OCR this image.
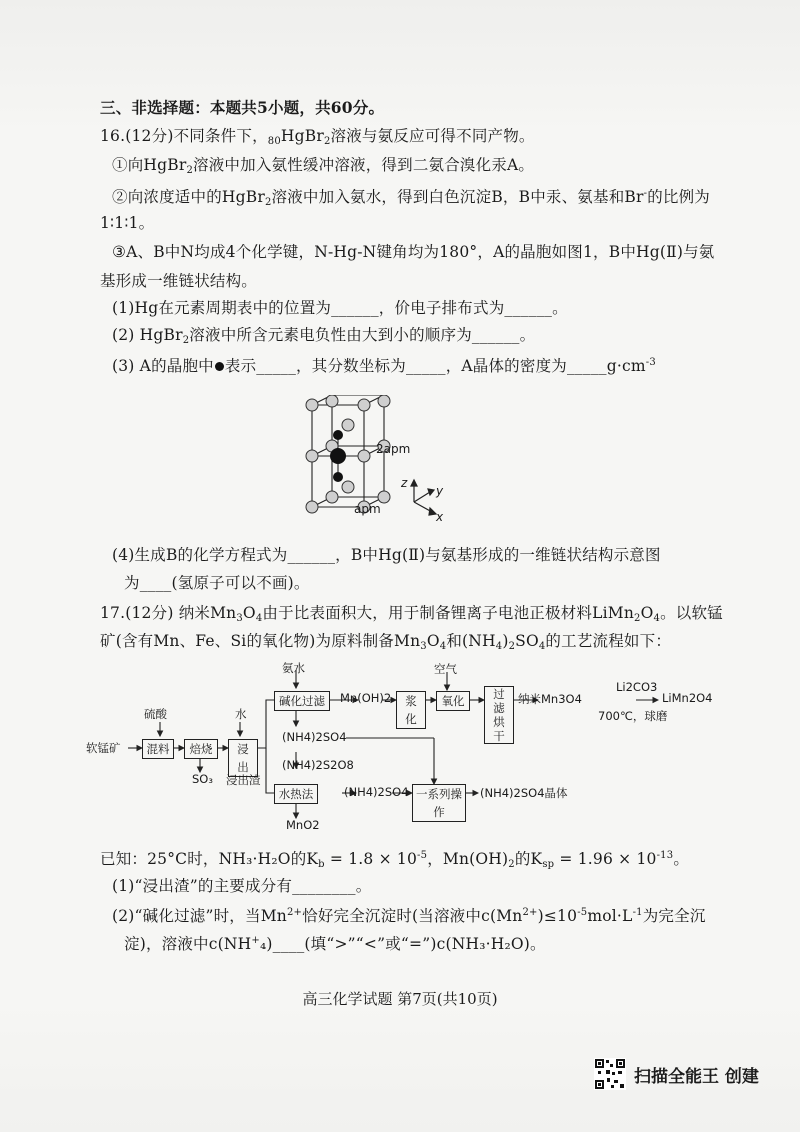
三、非选择题：本题共5小题，共60分。
16.(12分)不同条件下，$_{80}$HgBr$_2$溶液与氨反应可得不同产物。
①向HgBr$_2$溶液中加入氨性缓冲溶液，得到二氨合溴化汞A。
②向浓度适中的HgBr$_2$溶液中加入氨水，得到白色沉淀B，B中汞、氨基和Br-的比例为
1∶1∶1。
③A、B中N均成4个化学键，N-Hg-N键角均为180°，A的晶胞如图1，B中Hg(Ⅱ)与氨
基形成一维链状结构。
(1)Hg在元素周期表中的位置为______，价电子排布式为______。
(2) HgBr$_2$溶液中所含元素电负性由大到小的顺序为______。
(3) A的晶胞中 表示_____，其分数坐标为_____，A晶体的密度为$\_\_\_\_\_g\cdot cm^{-3}$
2apm
apm
z
y
x
(4)生成B的化学方程式为______，B中Hg(Ⅱ)与氨基形成的一维链状结构示意图
为____(氢原子可以不画)。
17.(12分) 纳米$Mn_3O_4$由于比表面积大，用于制备锂离子电池正极材料$LiMn_2O_4$。以软锰
矿(含有Mn、Fe、Si的氧化物)为原料制备$Mn_3O_4$和$(NH_4)_2SO_4$的工艺流程如下：
软锰矿	混料
硫酸
焙烧
SO₃
浸出
水
浸出渣
氨水
碱化过滤	Mn(OH)2	浆化
空气
氧化	过滤
烘干
纳米Mn3O4
Li2CO3
700℃，球磨
LiMn2O4
(NH4)2SO4
(NH4)2S2O8
水热法	(NH4)2SO4 一系列操作
(NH4)2SO4晶体
MnO2
已知：25°C时，NH₃·H₂O的$K_b = 1.8 \times 10^{-5}$，$Mn(OH)_2$的$K_{sp} = 1.96 \times 10^{-13}$。
(1)“浸出渣”的主要成分有________。
(2)“碱化过滤”时，当$Mn^{2+}$恰好完全沉淀时(当溶液中$c(Mn^{2+})\le 10^{-5}mol\cdot L^{-1}$为完全沉
淀)，溶液中c(NH+₄)____(填“>”“<”或“=”)c(NH₃·H₂O)。
高三化学试题 第7页(共10页)
扫描全能王 创建
